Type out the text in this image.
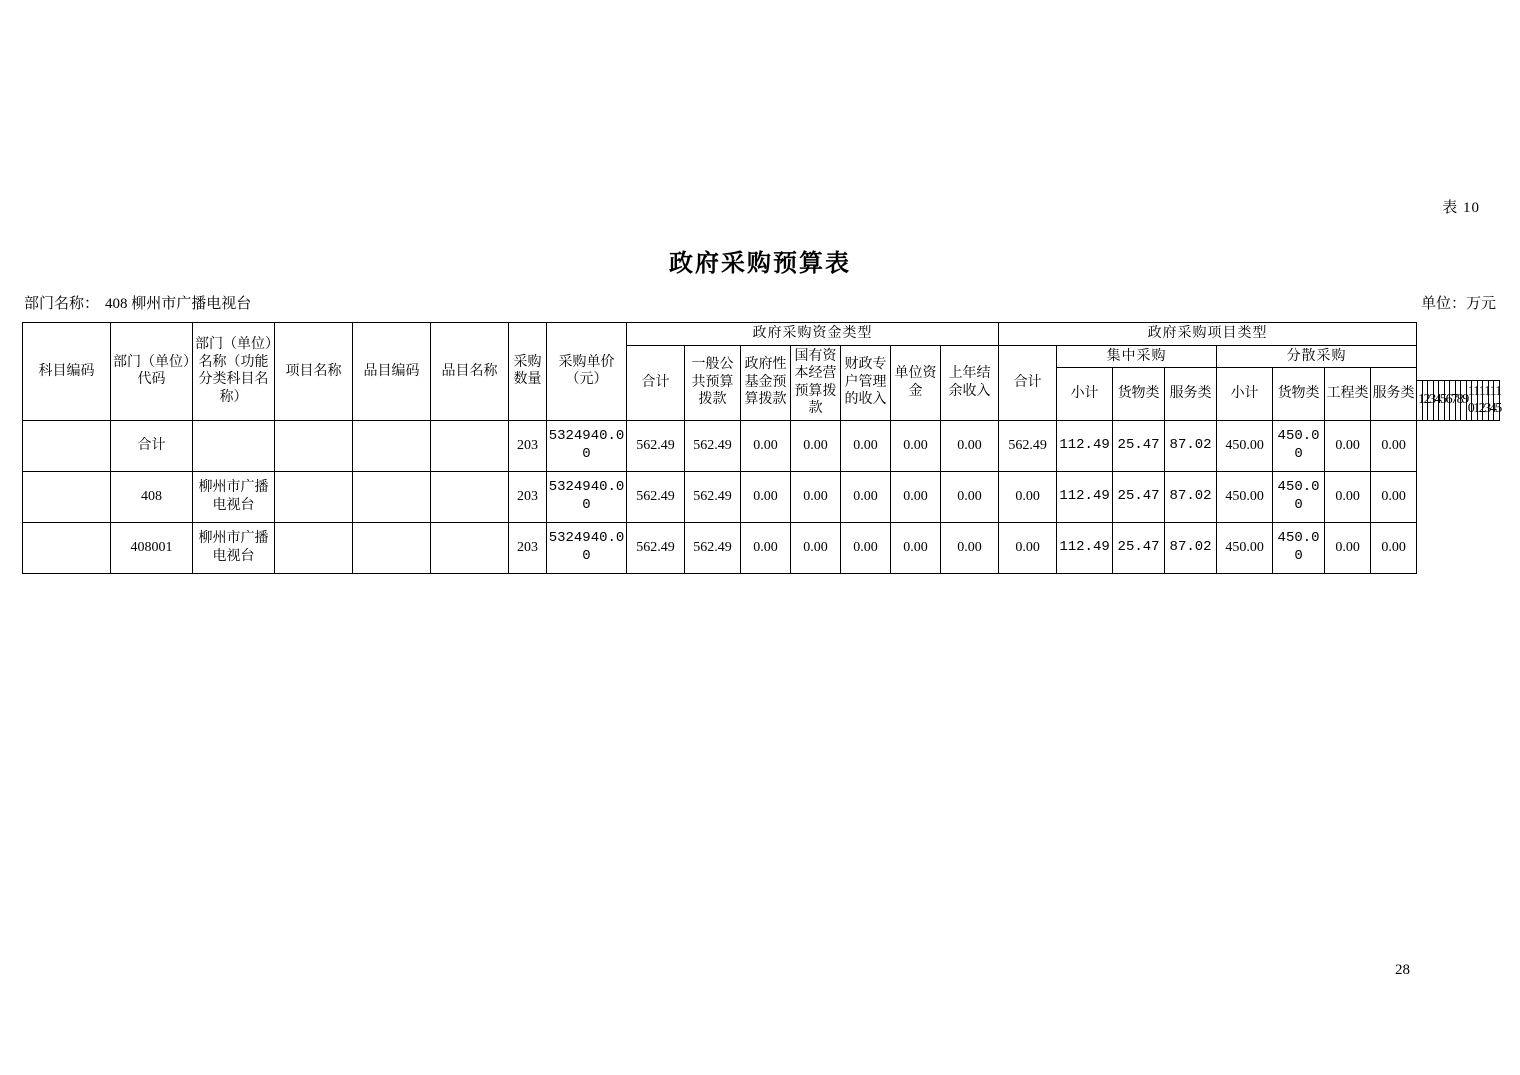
表 10
政府采购预算表
部门名称： 408 柳州市广播电视台	单位：万元
科目编码	部门（单位）代码	部门（单位）名称（功能分类科目名称）	项目名称	品目编码	品目名称	采购数量	采购单价（元）	政府采购资金类型							政府采购项目类型																						
								合计	一般公共预算拨款	政府性基金预算拨款	国有资本经营预算拨款	财政专户管理的收入	单位资金	上年结余收入	合计	集中采购			分散采购																		
																小计	货物类	服务类	小计	货物类	工程类	服务类															
																							1	2	3	4	5	6	7	8	9	10	11	12	13	14	15
	合计					203	5324940.00	562.49	562.49	0.00	0.00	0.00	0.00	0.00	562.49	112.49	25.47	87.02	450.00	450.00	0.00	0.00															
	408	柳州市广播电视台				203	5324940.00	562.49	562.49	0.00	0.00	0.00	0.00	0.00	0.00	112.49	25.47	87.02	450.00	450.00	0.00	0.00															
	408001	柳州市广播电视台				203	5324940.00	562.49	562.49	0.00	0.00	0.00	0.00	0.00	0.00	112.49	25.47	87.02	450.00	450.00	0.00	0.00															
28
